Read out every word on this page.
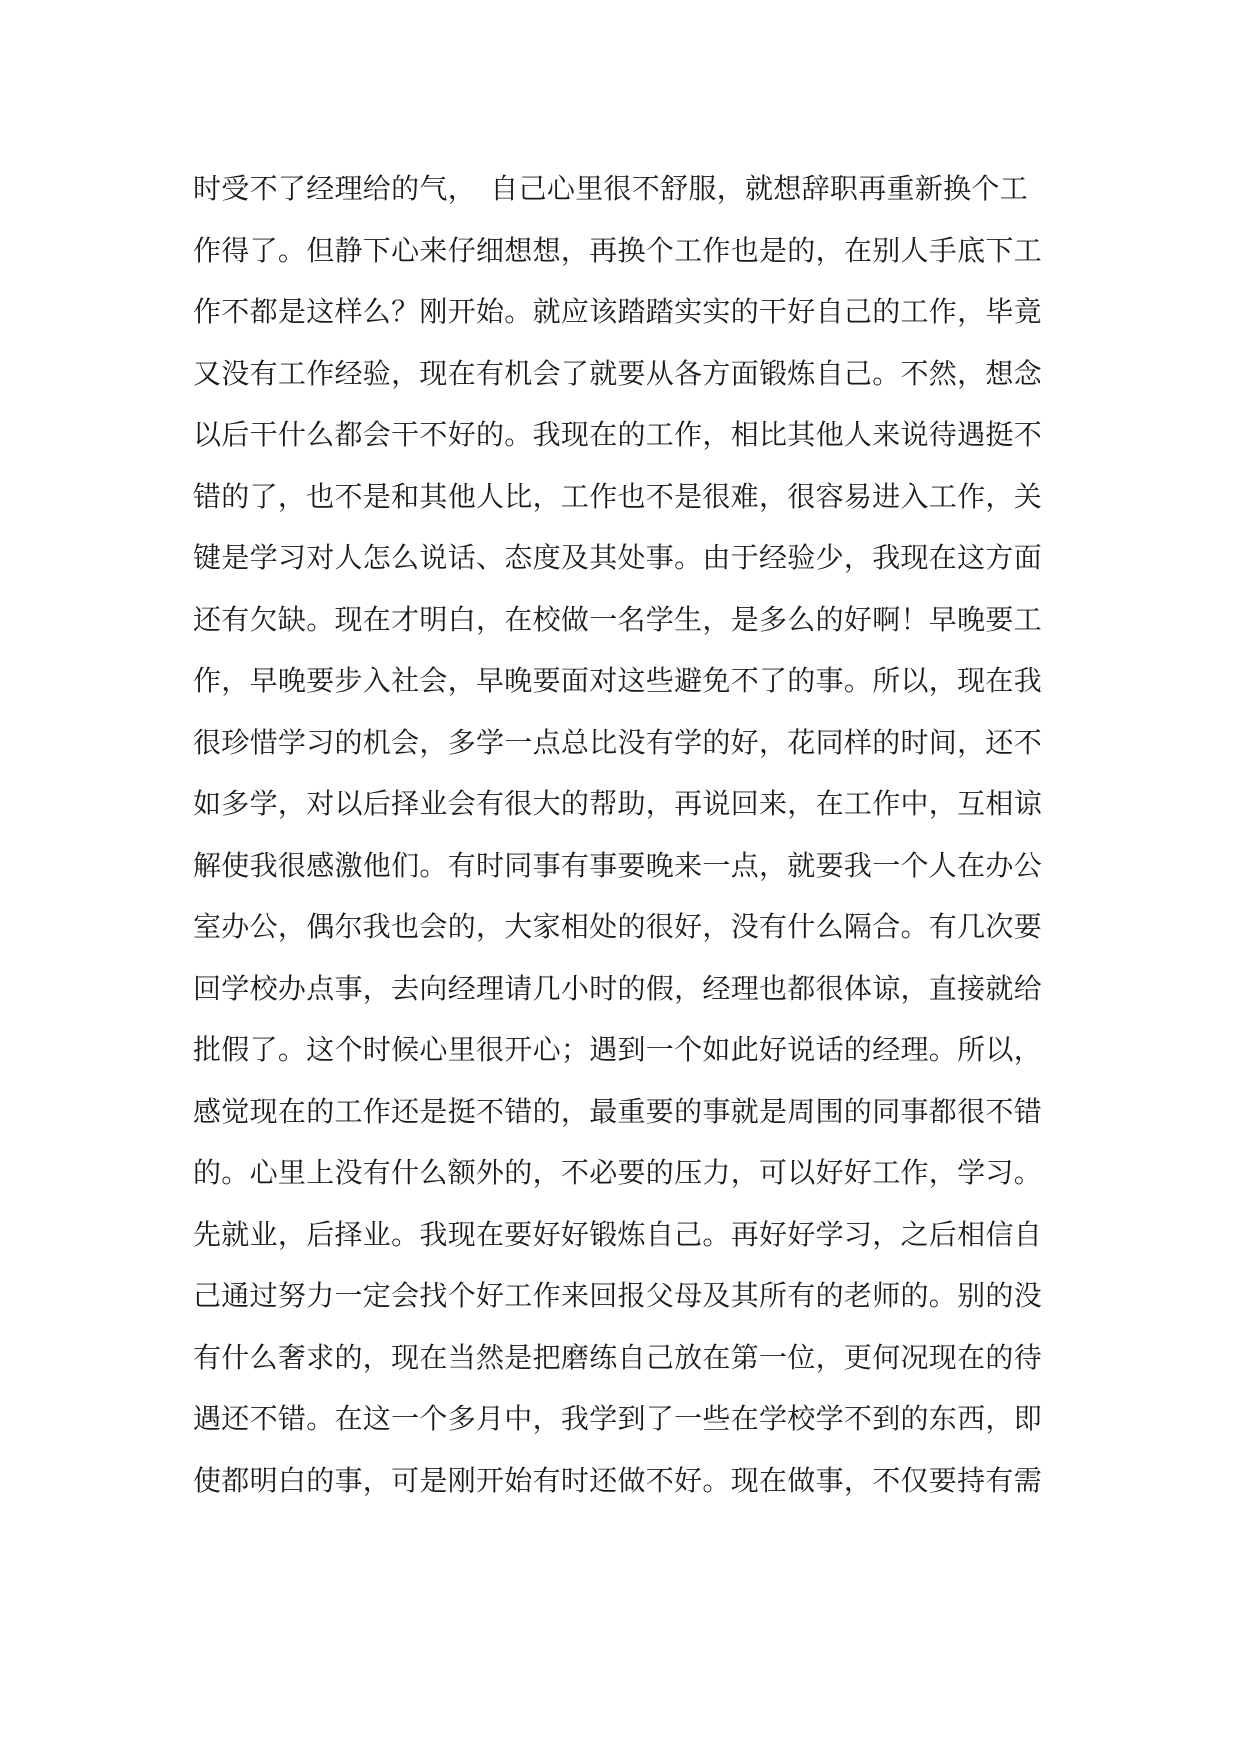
时受不了经理给的气，　自己心里很不舒服，就想辞职再重新换个工
作得了。但静下心来仔细想想，再换个工作也是的，在别人手底下工
作不都是这样么？刚开始。就应该踏踏实实的干好自己的工作，毕竟
又没有工作经验，现在有机会了就要从各方面锻炼自己。不然，想念
以后干什么都会干不好的。我现在的工作，相比其他人来说待遇挺不
错的了，也不是和其他人比，工作也不是很难，很容易进入工作，关
键是学习对人怎么说话、态度及其处事。由于经验少，我现在这方面
还有欠缺。现在才明白，在校做一名学生，是多么的好啊！早晚要工
作，早晚要步入社会，早晚要面对这些避免不了的事。所以，现在我
很珍惜学习的机会，多学一点总比没有学的好，花同样的时间，还不
如多学，对以后择业会有很大的帮助，再说回来，在工作中，互相谅
解使我很感激他们。有时同事有事要晚来一点，就要我一个人在办公
室办公，偶尔我也会的，大家相处的很好，没有什么隔合。有几次要
回学校办点事，去向经理请几小时的假，经理也都很体谅，直接就给
批假了。这个时候心里很开心；遇到一个如此好说话的经理。所以，
感觉现在的工作还是挺不错的，最重要的事就是周围的同事都很不错
的。心里上没有什么额外的，不必要的压力，可以好好工作，学习。
先就业，后择业。我现在要好好锻炼自己。再好好学习，之后相信自
己通过努力一定会找个好工作来回报父母及其所有的老师的。别的没
有什么奢求的，现在当然是把磨练自己放在第一位，更何况现在的待
遇还不错。在这一个多月中，我学到了一些在学校学不到的东西，即
使都明白的事，可是刚开始有时还做不好。现在做事，不仅要持有需
